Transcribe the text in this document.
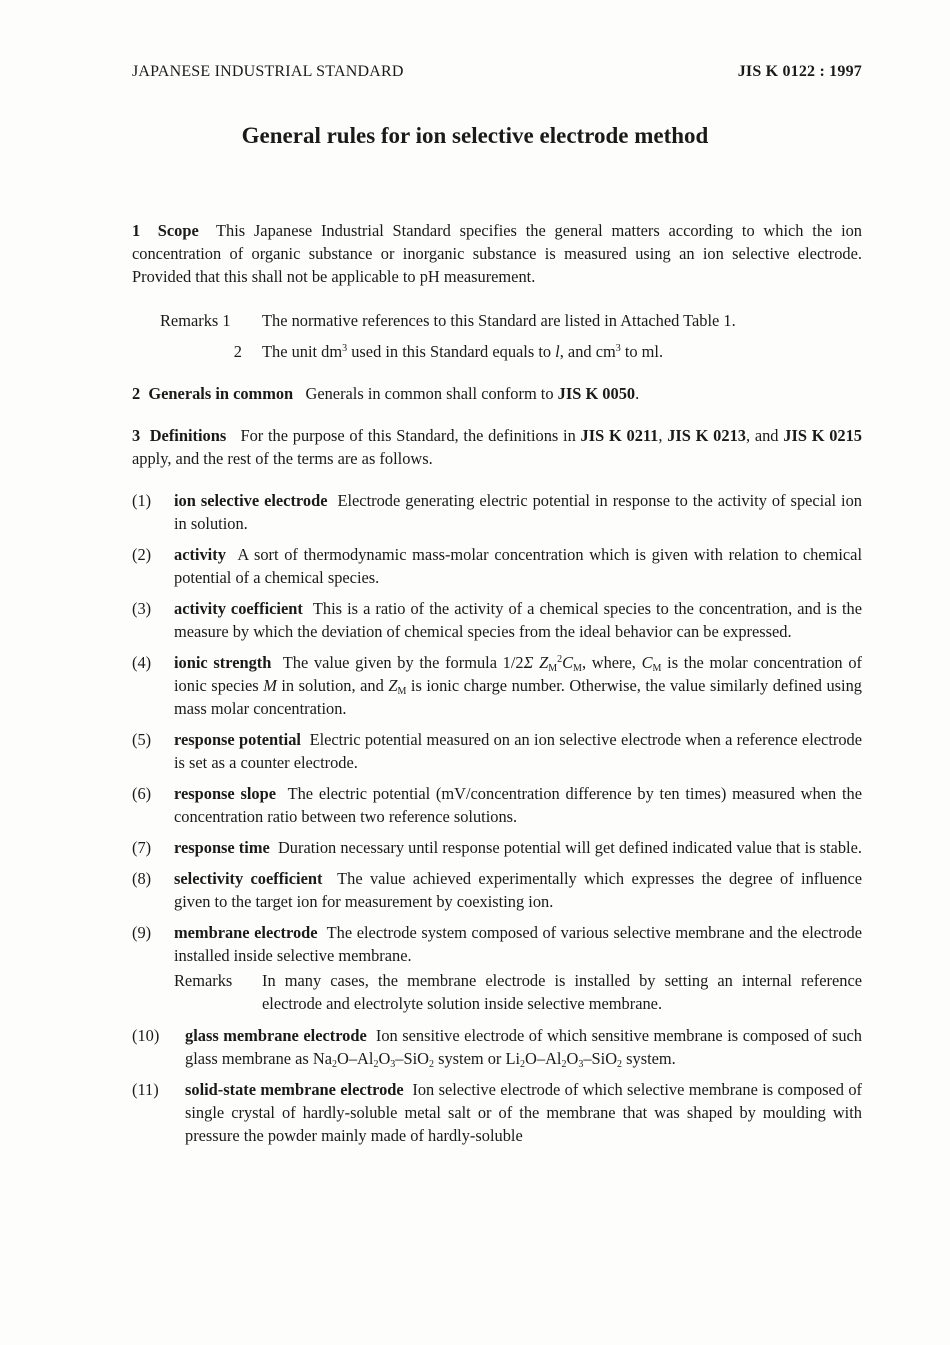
JAPANESE INDUSTRIAL STANDARD	JIS K 0122 : 1997
General rules for ion selective electrode method

1 Scope This Japanese Industrial Standard specifies the general matters according to which the ion concentration of organic substance or inorganic substance is measured using an ion selective electrode. Provided that this shall not be applicable to pH measurement.

Remarks 1	The normative references to this Standard are listed in Attached Table 1.
2	The unit $dm^3$ used in this Standard equals to l, and $cm^3$ to ml.

2 Generals in common Generals in common shall conform to JIS K 0050.

3 Definitions For the purpose of this Standard, the definitions in JIS K 0211, JIS K 0213, and JIS K 0215 apply, and the rest of the terms are as follows.

(1)	ion selective electrode Electrode generating electric potential in response to the activity of special ion in solution.
(2)	activity A sort of thermodynamic mass-molar concentration which is given with relation to chemical potential of a chemical species.
(3)	activity coefficient This is a ratio of the activity of a chemical species to the concentration, and is the measure by which the deviation of chemical species from the ideal behavior can be expressed.
(4)	ionic strength The value given by the formula 1/2Σ $Z_M^2C_M$, where, $C_M$ is the molar concentration of ionic species M in solution, and $Z_M$ is ionic charge number. Otherwise, the value similarly defined using mass molar concentration.
(5)	response potential Electric potential measured on an ion selective electrode when a reference electrode is set as a counter electrode.
(6)	response slope The electric potential (mV/concentration difference by ten times) measured when the concentration ratio between two reference solutions.
(7)	response time Duration necessary until response potential will get defined indicated value that is stable.
(8)	selectivity coefficient The value achieved experimentally which expresses the degree of influence given to the target ion for measurement by coexisting ion.
(9)	membrane electrode The electrode system composed of various selective membrane and the electrode installed inside selective membrane.
Remarks	In many cases, the membrane electrode is installed by setting an internal reference electrode and electrolyte solution inside selective membrane.
(10)	glass membrane electrode Ion sensitive electrode of which sensitive membrane is composed of such glass membrane as $Na_2O-Al_2O_3-SiO_2$ system or $Li_2O-Al_2O_3-SiO_2$ system.
(11)	solid-state membrane electrode Ion selective electrode of which selective membrane is composed of single crystal of hardly-soluble metal salt or of the membrane that was shaped by moulding with pressure the powder mainly made of hardly-soluble
